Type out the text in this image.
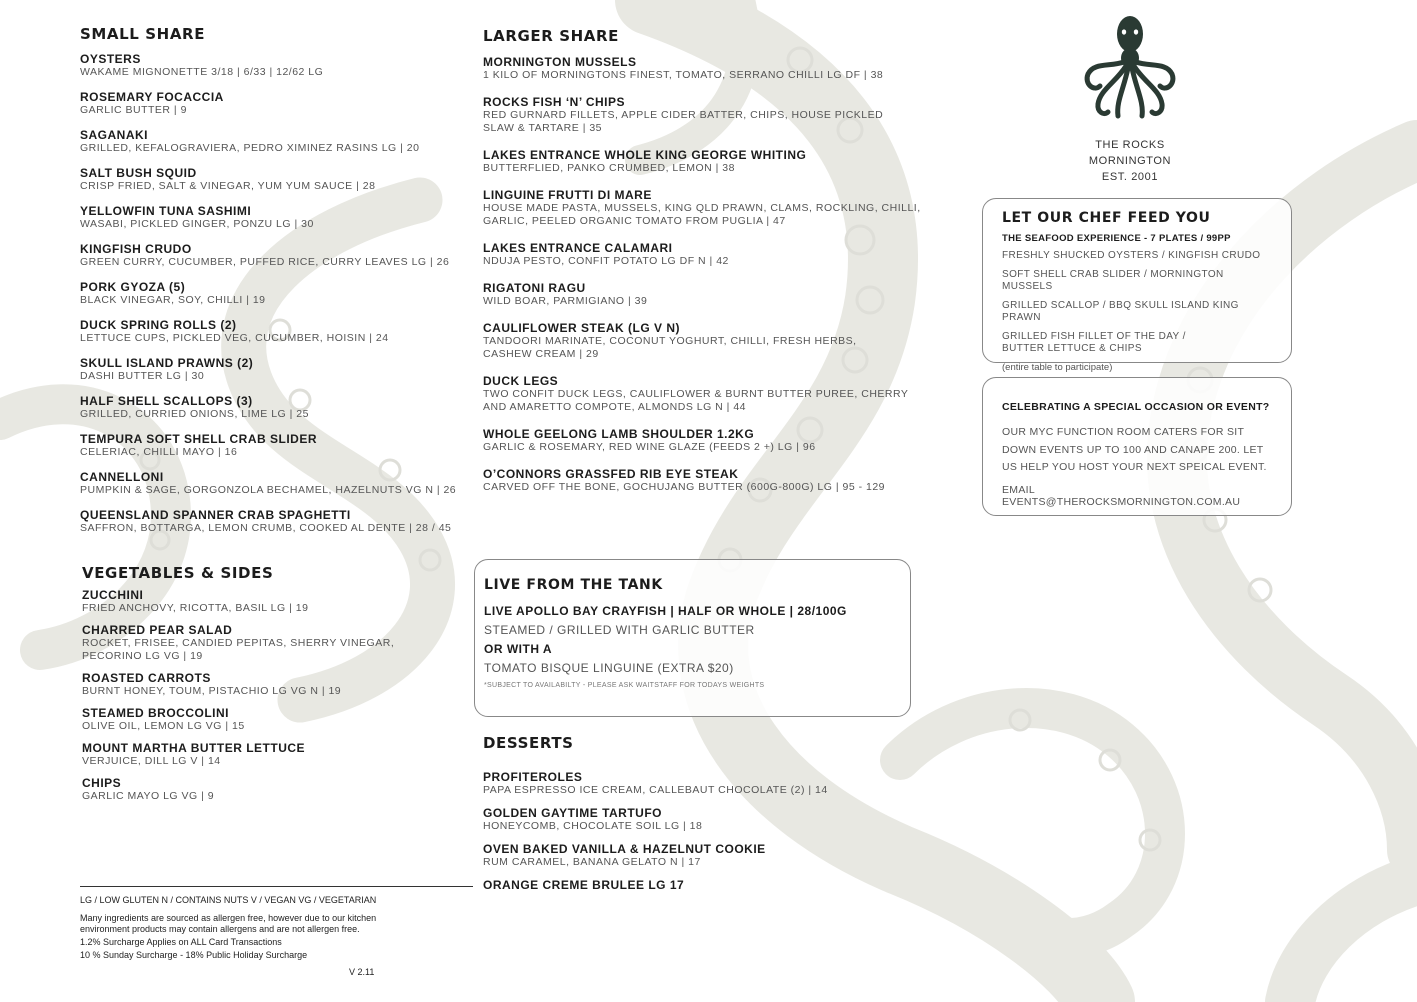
SMALL SHARE
OYSTERS
WAKAME MIGNONETTE 3/18 | 6/33 | 12/62 LG
ROSEMARY FOCACCIA
GARLIC BUTTER | 9
SAGANAKI
GRILLED, KEFALOGRAVIERA, PEDRO XIMINEZ RASINS LG | 20
SALT BUSH SQUID
CRISP FRIED, SALT & VINEGAR, YUM YUM SAUCE | 28
YELLOWFIN TUNA SASHIMI
WASABI, PICKLED GINGER, PONZU LG | 30
KINGFISH CRUDO
GREEN CURRY, CUCUMBER, PUFFED RICE, CURRY LEAVES LG | 26
PORK GYOZA (5)
BLACK VINEGAR, SOY, CHILLI | 19
DUCK SPRING ROLLS (2)
LETTUCE CUPS, PICKLED VEG, CUCUMBER, HOISIN | 24
SKULL ISLAND PRAWNS (2)
DASHI BUTTER LG | 30
HALF SHELL SCALLOPS (3)
GRILLED, CURRIED ONIONS, LIME LG | 25
TEMPURA SOFT SHELL CRAB SLIDER
CELERIAC, CHILLI MAYO | 16
CANNELLONI
PUMPKIN & SAGE, GORGONZOLA BECHAMEL, HAZELNUTS VG N | 26
QUEENSLAND SPANNER CRAB SPAGHETTI
SAFFRON, BOTTARGA, LEMON CRUMB, COOKED AL DENTE | 28 / 45
VEGETABLES & SIDES
ZUCCHINI
FRIED ANCHOVY, RICOTTA, BASIL LG | 19
CHARRED PEAR SALAD
ROCKET, FRISEE, CANDIED PEPITAS, SHERRY VINEGAR,
PECORINO LG VG | 19
ROASTED CARROTS
BURNT HONEY, TOUM, PISTACHIO LG VG N | 19
STEAMED BROCCOLINI
OLIVE OIL, LEMON LG VG | 15
MOUNT MARTHA BUTTER LETTUCE
VERJUICE, DILL LG V | 14
CHIPS
GARLIC MAYO LG VG | 9
LG / LOW GLUTEN N / CONTAINS NUTS V / VEGAN VG / VEGETARIAN
Many ingredients are sourced as allergen free, however due to our kitchen environment products may contain allergens and are not allergen free.
1.2% Surcharge Applies on ALL Card Transactions
10 % Sunday Surcharge - 18% Public Holiday Surcharge
V 2.11
LARGER SHARE
MORNINGTON MUSSELS
1 KILO OF MORNINGTONS FINEST, TOMATO, SERRANO CHILLI LG DF | 38
ROCKS FISH ‘N’ CHIPS
RED GURNARD FILLETS, APPLE CIDER BATTER, CHIPS, HOUSE PICKLED
SLAW & TARTARE | 35
LAKES ENTRANCE WHOLE KING GEORGE WHITING
BUTTERFLIED, PANKO CRUMBED, LEMON | 38
LINGUINE FRUTTI DI MARE
HOUSE MADE PASTA, MUSSELS, KING QLD PRAWN, CLAMS, ROCKLING, CHILLI,
GARLIC, PEELED ORGANIC TOMATO FROM PUGLIA | 47
LAKES ENTRANCE CALAMARI
NDUJA PESTO, CONFIT POTATO LG DF N | 42
RIGATONI RAGU
WILD BOAR, PARMIGIANO | 39
CAULIFLOWER STEAK (LG V N)
TANDOORI MARINATE, COCONUT YOGHURT, CHILLI, FRESH HERBS,
CASHEW CREAM | 29
DUCK LEGS
TWO CONFIT DUCK LEGS, CAULIFLOWER & BURNT BUTTER PUREE, CHERRY
AND AMARETTO COMPOTE, ALMONDS LG N | 44
WHOLE GEELONG LAMB SHOULDER 1.2KG
GARLIC & ROSEMARY, RED WINE GLAZE (FEEDS 2 +) LG | 96
O’CONNORS GRASSFED RIB EYE STEAK
CARVED OFF THE BONE, GOCHUJANG BUTTER (600G-800G) LG | 95 - 129
LIVE FROM THE TANK
LIVE APOLLO BAY CRAYFISH | HALF OR WHOLE | 28/100G
STEAMED / GRILLED WITH GARLIC BUTTER
OR WITH A
TOMATO BISQUE LINGUINE (EXTRA $20)
*SUBJECT TO AVAILABILTY - PLEASE ASK WAITSTAFF FOR TODAYS WEIGHTS
DESSERTS
PROFITEROLES
PAPA ESPRESSO ICE CREAM, CALLEBAUT CHOCOLATE (2) | 14
GOLDEN GAYTIME TARTUFO
HONEYCOMB, CHOCOLATE SOIL LG | 18
OVEN BAKED VANILLA & HAZELNUT COOKIE
RUM CARAMEL, BANANA GELATO N | 17
ORANGE CREME BRULEE LG 17
THE ROCKS MORNINGTON
EST. 2001
LET OUR CHEF FEED YOU
THE SEAFOOD EXPERIENCE - 7 PLATES / 99PP
FRESHLY SHUCKED OYSTERS / KINGFISH CRUDO
SOFT SHELL CRAB SLIDER / MORNINGTON MUSSELS
GRILLED SCALLOP / BBQ SKULL ISLAND KING PRAWN
GRILLED FISH FILLET OF THE DAY /
BUTTER LETTUCE & CHIPS
(entire table to participate)
CELEBRATING A SPECIAL OCCASION OR EVENT?
OUR MYC FUNCTION ROOM CATERS FOR SIT DOWN EVENTS UP TO 100 AND CANAPE 200. LET US HELP YOU HOST YOUR NEXT SPEICAL EVENT.
EMAIL EVENTS@THEROCKSMORNINGTON.COM.AU
